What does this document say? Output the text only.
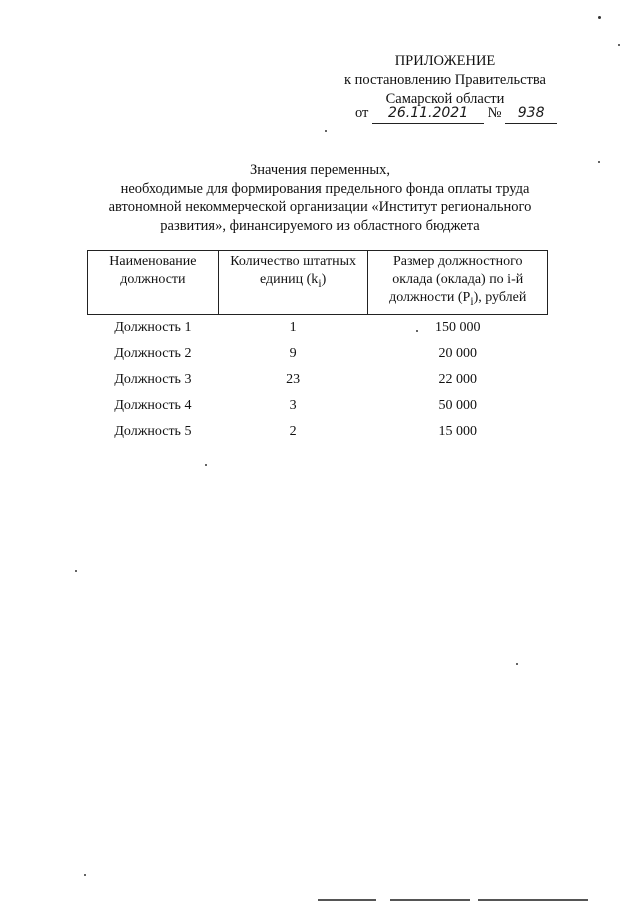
ПРИЛОЖЕНИЕ
к постановлению Правительства
Самарской области
от 26.11.2021 № 938
Значения переменных,
необходимые для формирования предельного фонда оплаты труда
автономной некоммерческой организации «Институт регионального
развития», финансируемого из областного бюджета
Наименование должности	Количество штатных единиц $(k_i)$	Размер должностного оклада (оклада) по i-й должности $(P_i)$, рублей
Должность 1	1	150 000
Должность 2	9	20 000
Должность 3	23	22 000
Должность 4	3	50 000
Должность 5	2	15 000
